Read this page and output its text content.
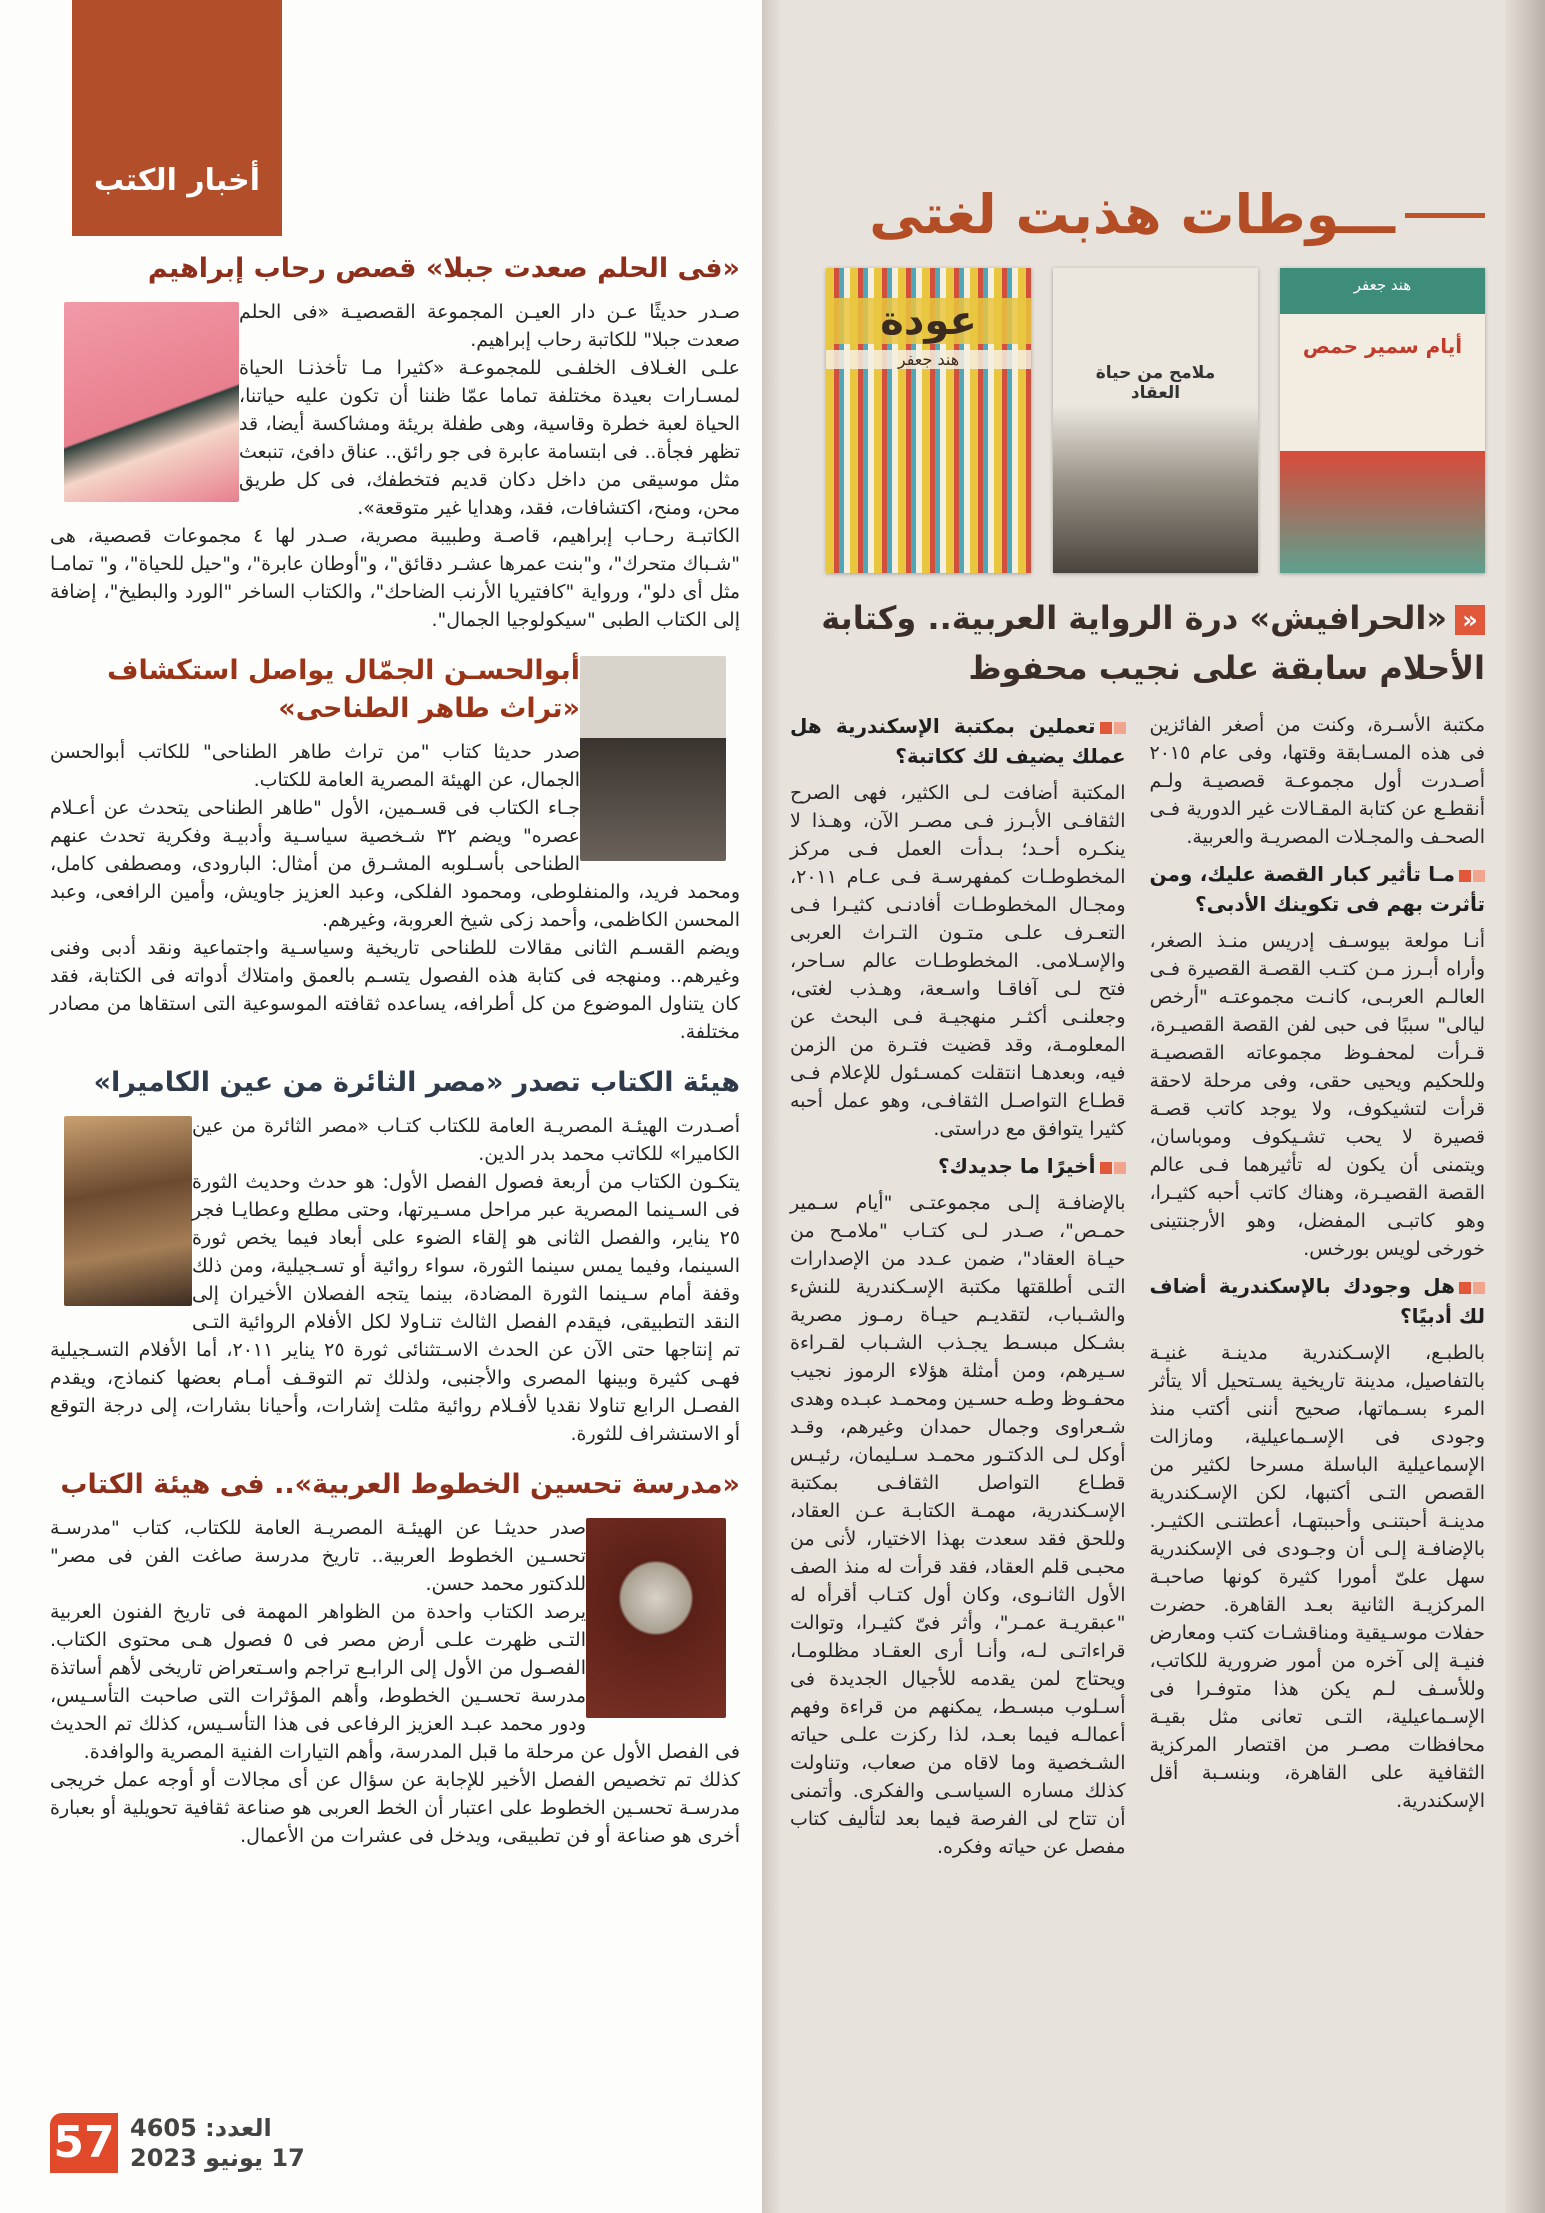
أخبار الكتب
«فى الحلم صعدت جبلا» قصص رحاب إبراهيم

صـدر حديثًا عـن دار العيـن المجموعة القصصيـة «فى الحلم صعدت جبلا" للكاتبة رحاب إبراهيم.

علـى الغـلاف الخلفـى للمجموعـة «كثيرا مـا تأخذنـا الحياة لمسـارات بعيدة مختلفة تماما عمّا ظننا أن تكون عليه حياتنا، الحياة لعبة خطرة وقاسية، وهى طفلة بريئة ومشاكسة أيضا، قد تظهر فجأة.. فى ابتسامة عابرة فى جو رائق.. عناق دافئ، تنبعث مثل موسيقى من داخل دكان قديم فتخطفك، فى كل طريق محن، ومنح، اكتشافات، فقد، وهدايا غير متوقعة».

الكاتبـة رحـاب إبراهيم، قاصـة وطبيبة مصرية، صـدر لها ٤ مجموعات قصصية، هى "شـباك متحرك"، و"بنت عمرها عشـر دقائق"، و"أوطان عابرة"، و"حيل للحياة"، و" تمامـا مثل أى دلو"، ورواية "كافتيريا الأرنب الضاحك"، والكتاب الساخر "الورد والبطيخ"، إضافة إلى الكتاب الطبى "سيكولوجيا الجمال".

أبوالحسـن الجمّال يواصل استكشاف
«تراث طاهر الطناحى»

صدر حديثا كتاب "من تراث طاهر الطناحى" للكاتب أبوالحسن الجمال، عن الهيئة المصرية العامة للكتاب.

جـاء الكتاب فى قسـمين، الأول "طاهر الطناحى يتحدث عن أعـلام عصره" ويضم ٣٢ شـخصية سياسـية وأدبيـة وفكرية تحدث عنهم الطناحى بأسـلوبه المشـرق من أمثال: البارودى، ومصطفى كامل، ومحمد فريد، والمنفلوطى، ومحمود الفلكى، وعبد العزيز جاويش، وأمين الرافعى، وعبد المحسن الكاظمى، وأحمد زكى شيخ العروبة، وغيرهم.

ويضم القسـم الثانى مقالات للطناحى تاريخية وسياسـية واجتماعية ونقد أدبى وفنى وغيرهم.. ومنهجه فى كتابة هذه الفصول يتسـم بالعمق وامتلاك أدواته فى الكتابة، فقد كان يتناول الموضوع من كل أطرافه، يساعده ثقافته الموسوعية التى استقاها من مصادر مختلفة.

هيئة الكتاب تصدر «مصر الثائرة من عين الكاميرا»

أصـدرت الهيئـة المصريـة العامة للكتاب كتـاب «مصر الثائرة من عين الكاميرا» للكاتب محمد بدر الدين.

يتكـون الكتاب من أربعة فصول الفصل الأول: هو حدث وحديث الثورة فى السـينما المصرية عبر مراحل مسـيرتها، وحتى مطلع وعطايـا فجر ٢٥ يناير، والفصل الثانى هو إلقاء الضوء على أبعاد فيما يخص ثورة السينما، وفيما يمس سينما الثورة، سواء روائية أو تسـجيلية، ومن ذلك وقفة أمام سـينما الثورة المضادة، بينما يتجه الفصلان الأخيران إلى النقد التطبيقى، فيقدم الفصل الثالث تنـاولا لكل الأفلام الروائية التـى تم إنتاجها حتى الآن عن الحدث الاسـتثنائى ثورة ٢٥ يناير ٢٠١١، أما الأفلام التسـجيلية فهـى كثيرة وبينها المصرى والأجنبى، ولذلك تم التوقـف أمـام بعضها كنماذج، ويقدم الفصـل الرابع تناولا نقديا لأفـلام روائية مثلت إشارات، وأحيانا بشارات، إلى درجة التوقع أو الاستشراف للثورة.

«مدرسة تحسين الخطوط العربية».. فى هيئة الكتاب

صدر حديثـا عن الهيئـة المصريـة العامة للكتاب، كتاب "مدرسـة تحسـين الخطوط العربية.. تاريخ مدرسة صاغت الفن فى مصر" للدكتور محمد حسن.

يرصد الكتاب واحدة من الظواهر المهمة فى تاريخ الفنون العربية التـى ظهرت علـى أرض مصر فى ٥ فصول هـى محتوى الكتاب. الفصـول من الأول إلى الرابـع تراجم واسـتعراض تاريخى لأهم أساتذة مدرسة تحسـين الخطوط، وأهم المؤثرات التى صاحبت التأسـيس، ودور محمد عبـد العزيز الرفاعى فى هذا التأسـيس، كذلك تم الحديث فى الفصل الأول عن مرحلة ما قبل المدرسة، وأهم التيارات الفنية المصرية والوافدة.

كذلك تم تخصيص الفصل الأخير للإجابة عن سؤال عن أى مجالات أو أوجه عمل خريجى مدرسـة تحسـين الخطوط على اعتبار أن الخط العربى هو صناعة ثقافية تحويلية أو بعبارة أخرى هو صناعة أو فن تطبيقى، ويدخل فى عشرات من الأعمال.

57 العدد: 4605
17 يونيو 2023
ـــوطات هذبت لغتى
هند جعفر
أيام سمير حمص
ملامح من حياة العقاد
عودة
هند جعفر
««الحرافيش» درة الرواية العربية.. وكتابة الأحلام سابقة على نجيب محفوظ

مكتبة الأسـرة، وكنت من أصغر الفائزين فى هذه المسـابقة وقتها، وفى عام ٢٠١٥ أصـدرت أول مجموعـة قصصيـة ولـم أنقطـع عن كتابة المقـالات غير الدورية فـى الصحـف والمجـلات المصريـة والعربية.

مـا تأثير كبار القصة عليك، ومن تأثرت بهم فى تكوينك الأدبى؟

أنـا مولعة بيوسـف إدريس منـذ الصغر، وأراه أبـرز مـن كتـب القصـة القصيرة فـى العالـم العربـى، كانـت مجموعتـه "أرخص ليالى" سببًا فى حبى لفن القصة القصيـرة، قـرأت لمحفـوظ مجموعاته القصصيـة وللحكيم ويحيى حقى، وفى مرحلة لاحقة قرأت لتشيكوف، ولا يوجد كاتب قصـة قصيرة لا يحب تشـيكوف وموباسان، ويتمنى أن يكون له تأثيرهما فـى عالم القصة القصيـرة، وهناك كاتب أحبه كثيـرا، وهو كاتبـى المفضل، وهو الأرجنتينى خورخى لويس بورخس.

هل وجودك بالإسكندرية أضاف لك أدبيًا؟

بالطبـع، الإسـكندرية مدينـة غنيـة بالتفاصيل، مدينة تاريخية يسـتحيل ألا يتأثر المرء بسـماتها، صحيح أننى أكتب منذ وجودى فى الإسـماعيلية، ومازالت الإسماعيلية الباسلة مسرحا لكثير من القصص التـى أكتبها، لكن الإسـكندرية مدينـة أحبتنـى وأحببتهـا، أعطتنـى الكثيـر. بالإضافـة إلـى أن وجـودى فى الإسكندرية سهل علىّ أمورا كثيرة كونها صاحبـة المركزيـة الثانية بعـد القاهرة. حضرت حفلات موسـيقية ومناقشـات كتب ومعارض فنيـة إلى آخره من أمور ضرورية للكاتب، وللأسـف لـم يكن هذا متوفـرا فى الإسـماعيلية، التـى تعانى مثل بقيـة محافظات مصـر من اقتصار المركزية الثقافية على القاهرة، وبنسـبة أقل الإسكندرية.

تعملين بمكتبة الإسكندرية هل عملك يضيف لك ككاتبة؟

المكتبة أضافت لـى الكثير، فهى الصرح الثقافـى الأبـرز فـى مصـر الآن، وهـذا لا ينكـره أحـد؛ بـدأت العمل فـى مركز المخطوطـات كمفهرسـة فـى عـام ٢٠١١، ومجـال المخطوطـات أفادنـى كثيـرا فـى التعـرف علـى متـون التـراث العربى والإسـلامى. المخطوطـات عالم سـاحر، فتح لـى آفاقـا واسـعة، وهـذب لغتى، وجعلنـى أكثـر منهجيـة فـى البحث عن المعلومـة، وقد قضيت فتـرة من الزمن فيه، وبعدهـا انتقلت كمسـئول للإعلام فـى قطـاع التواصـل الثقافـى، وهو عمل أحبه كثيرا يتوافق مع دراستى.

أخيرًا ما جديدك؟

بالإضافـة إلـى مجموعتـى "أيام سـمير حمـص"، صـدر لـى كتـاب "ملامـح من حيـاة العقاد"، ضمن عـدد من الإصدارات التـى أطلقتها مكتبة الإسـكندرية للنشء والشـباب، لتقديـم حيـاة رمـوز مصرية بشـكل مبسـط يجـذب الشـباب لقـراءة سـيرهم، ومن أمثلة هؤلاء الرموز نجيب محفـوظ وطـه حسـين ومحمـد عبـده وهدى شـعراوى وجمال حمدان وغيرهم، وقـد أوكل لـى الدكتـور محمـد سـليمان، رئيـس قطـاع التواصل الثقافـى بمكتبة الإسـكندرية، مهمـة الكتابـة عـن العقاد، وللحق فقد سعدت بهذا الاختيار، لأنى من محبـى قلم العقاد، فقد قرأت له منذ الصف الأول الثانـوى، وكان أول كتـاب أقرأه له "عبقريـة عمـر"، وأثر فىّ كثيـرا، وتوالت قراءاتـى لـه، وأنـا أرى العقـاد مظلومـا، ويحتاج لمن يقدمه للأجيال الجديدة فى أسـلوب مبسـط، يمكنهم من قراءة وفهم أعمالـه فيما بعـد، لذا ركزت علـى حياته الشـخصية وما لاقاه من صعاب، وتناولت كذلك مساره السياسـى والفكرى. وأتمنى أن تتاح لى الفرصة فيما بعد لتأليف كتاب مفصل عن حياته وفكره.
